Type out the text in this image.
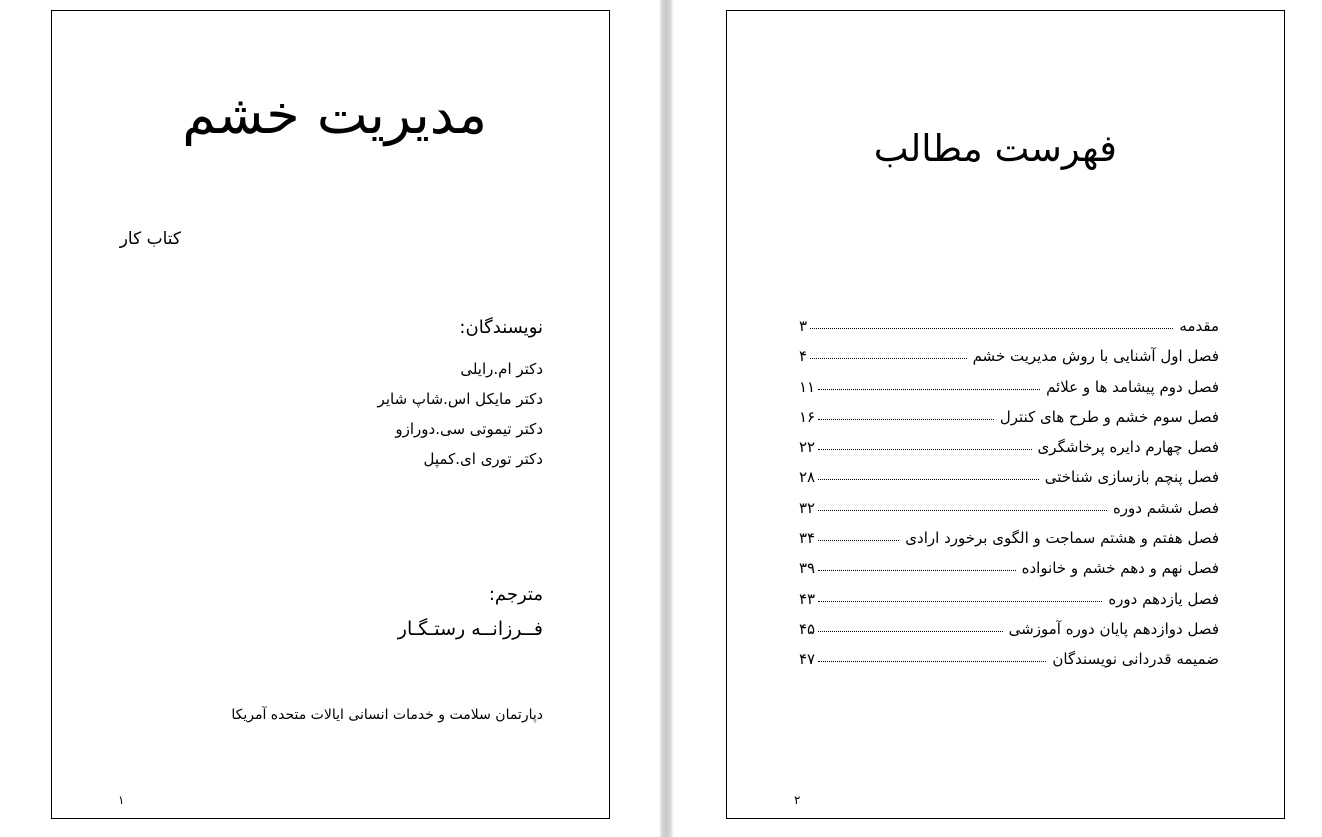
مدیریت خشم
کتاب کار
نویسندگان:
دکتر ام.رایلی
دکتر مایکل اس.شاپ شایر
دکتر تیموتی سی.دورازو
دکتر توری ای.کمپل
مترجم:
فــرزانــه رستـگـار
دپارتمان سلامت و خدمات انسانی ایالات متحده آمریکا
۱
فهرست مطالب
مقدمه
۳
فصل اول آشنایی با روش مدیریت خشم
۴
فصل دوم پیشامد ها و علائم
۱۱
فصل سوم خشم و طرح های کنترل
۱۶
فصل چهارم دایره پرخاشگری
۲۲
فصل پنچم بازسازی شناختی
۲۸
فصل ششم دوره
۳۲
فصل هفتم و هشتم سماجت و الگوی برخورد ارادی
۳۴
فصل نهم و دهم خشم و خانواده
۳۹
فصل یازدهم دوره
۴۳
فصل دوازدهم پایان دوره آموزشی
۴۵
ضمیمه قدردانی نویسندگان
۴۷
۲
